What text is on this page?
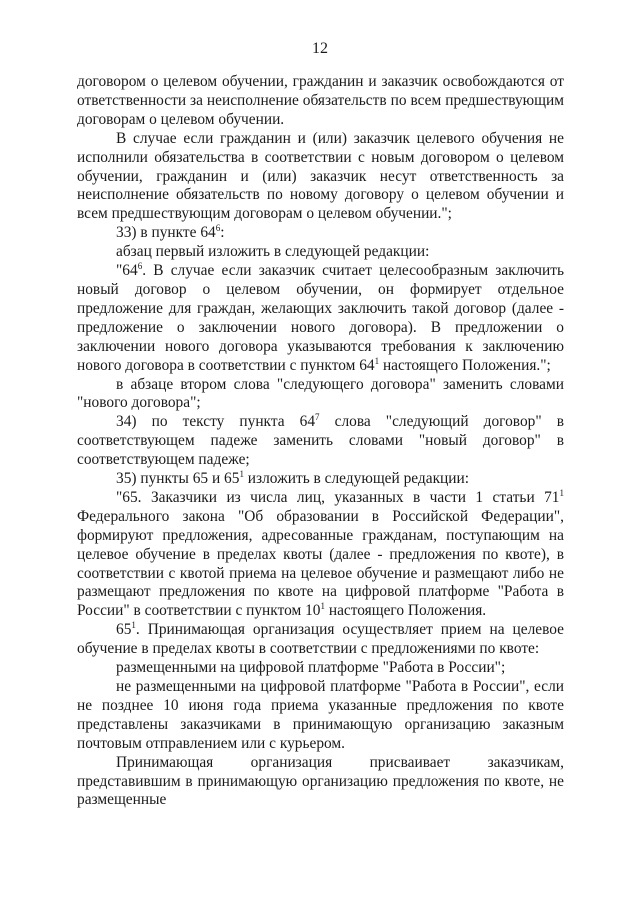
12

договором о целевом обучении, гражданин и заказчик освобождаются от ответственности за неисполнение обязательств по всем предшествующим договорам о целевом обучении.

В случае если гражданин и (или) заказчик целевого обучения не исполнили обязательства в соответствии с новым договором о целевом обучении, гражданин и (или) заказчик несут ответственность за неисполнение обязательств по новому договору о целевом обучении и всем предшествующим договорам о целевом обучении.";

33) в пункте $64^6$:

абзац первый изложить в следующей редакции:

"$64^6$. В случае если заказчик считает целесообразным заключить новый договор о целевом обучении, он формирует отдельное предложение для граждан, желающих заключить такой договор (далее - предложение о заключении нового договора). В предложении о заключении нового договора указываются требования к заключению нового договора в соответствии с пунктом $64^1$ настоящего Положения.";

в абзаце втором слова "следующего договора" заменить словами "нового договора";

34) по тексту пункта $64^7$ слова "следующий договор" в соответствующем падеже заменить словами "новый договор" в соответствующем падеже;

35) пункты 65 и $65^1$ изложить в следующей редакции:

"65. Заказчики из числа лиц, указанных в части 1 статьи $71^1$ Федерального закона "Об образовании в Российской Федерации", формируют предложения, адресованные гражданам, поступающим на целевое обучение в пределах квоты (далее - предложения по квоте), в соответствии с квотой приема на целевое обучение и размещают либо не размещают предложения по квоте на цифровой платформе "Работа в России" в соответствии с пунктом $10^1$ настоящего Положения.

$65^1$. Принимающая организация осуществляет прием на целевое обучение в пределах квоты в соответствии с предложениями по квоте:

размещенными на цифровой платформе "Работа в России";

не размещенными на цифровой платформе "Работа в России", если не позднее 10 июня года приема указанные предложения по квоте представлены заказчиками в принимающую организацию заказным почтовым отправлением или с курьером.

Принимающая организация присваивает заказчикам, представившим в принимающую организацию предложения по квоте, не размещенные
